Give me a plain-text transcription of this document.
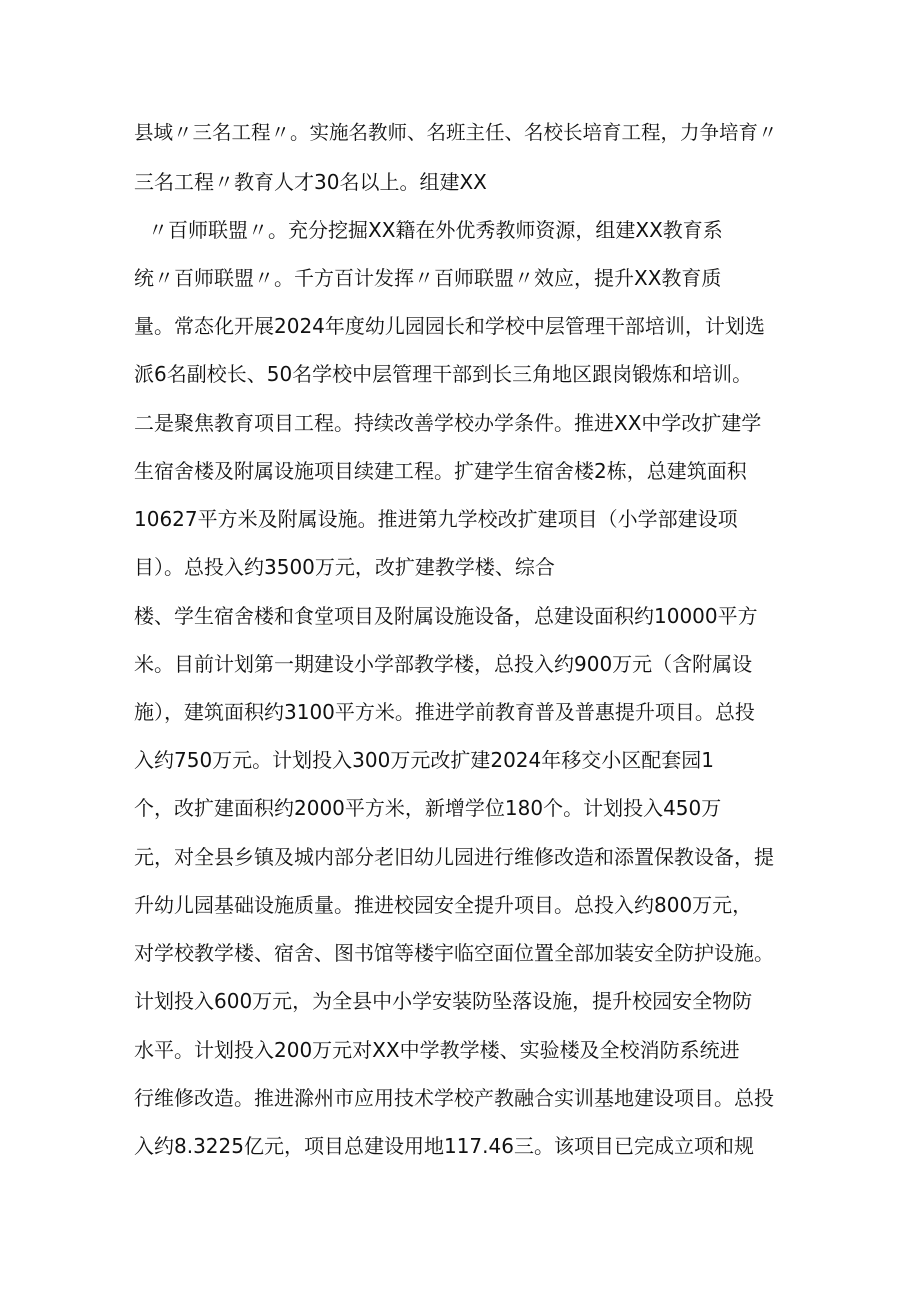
县域〃三名工程〃。实施名教师、名班主任、名校长培育工程，力争培育〃
三名工程〃教育人才30名以上。组建XX
〃百师联盟〃。充分挖掘XX籍在外优秀教师资源，组建XX教育系
统〃百师联盟〃。千方百计发挥〃百师联盟〃效应，提升XX教育质
量。常态化开展2024年度幼儿园园长和学校中层管理干部培训，计划选
派6名副校长、50名学校中层管理干部到长三角地区跟岗锻炼和培训。
二是聚焦教育项目工程。持续改善学校办学条件。推进XX中学改扩建学
生宿舍楼及附属设施项目续建工程。扩建学生宿舍楼2栋，总建筑面积
10627平方米及附属设施。推进第九学校改扩建项目（小学部建设项
目）。总投入约3500万元，改扩建教学楼、综合
楼、学生宿舍楼和食堂项目及附属设施设备，总建设面积约10000平方
米。目前计划第一期建设小学部教学楼，总投入约900万元（含附属设
施），建筑面积约3100平方米。推进学前教育普及普惠提升项目。总投
入约750万元。计划投入300万元改扩建2024年移交小区配套园1
个，改扩建面积约2000平方米，新增学位180个。计划投入450万
元，对全县乡镇及城内部分老旧幼儿园进行维修改造和添置保教设备，提
升幼儿园基础设施质量。推进校园安全提升项目。总投入约800万元，
对学校教学楼、宿舍、图书馆等楼宇临空面位置全部加装安全防护设施。
计划投入600万元，为全县中小学安装防坠落设施，提升校园安全物防
水平。计划投入200万元对XX中学教学楼、实验楼及全校消防系统进
行维修改造。推进滁州市应用技术学校产教融合实训基地建设项目。总投
入约8.3225亿元，项目总建设用地117.46三。该项目已完成立项和规
